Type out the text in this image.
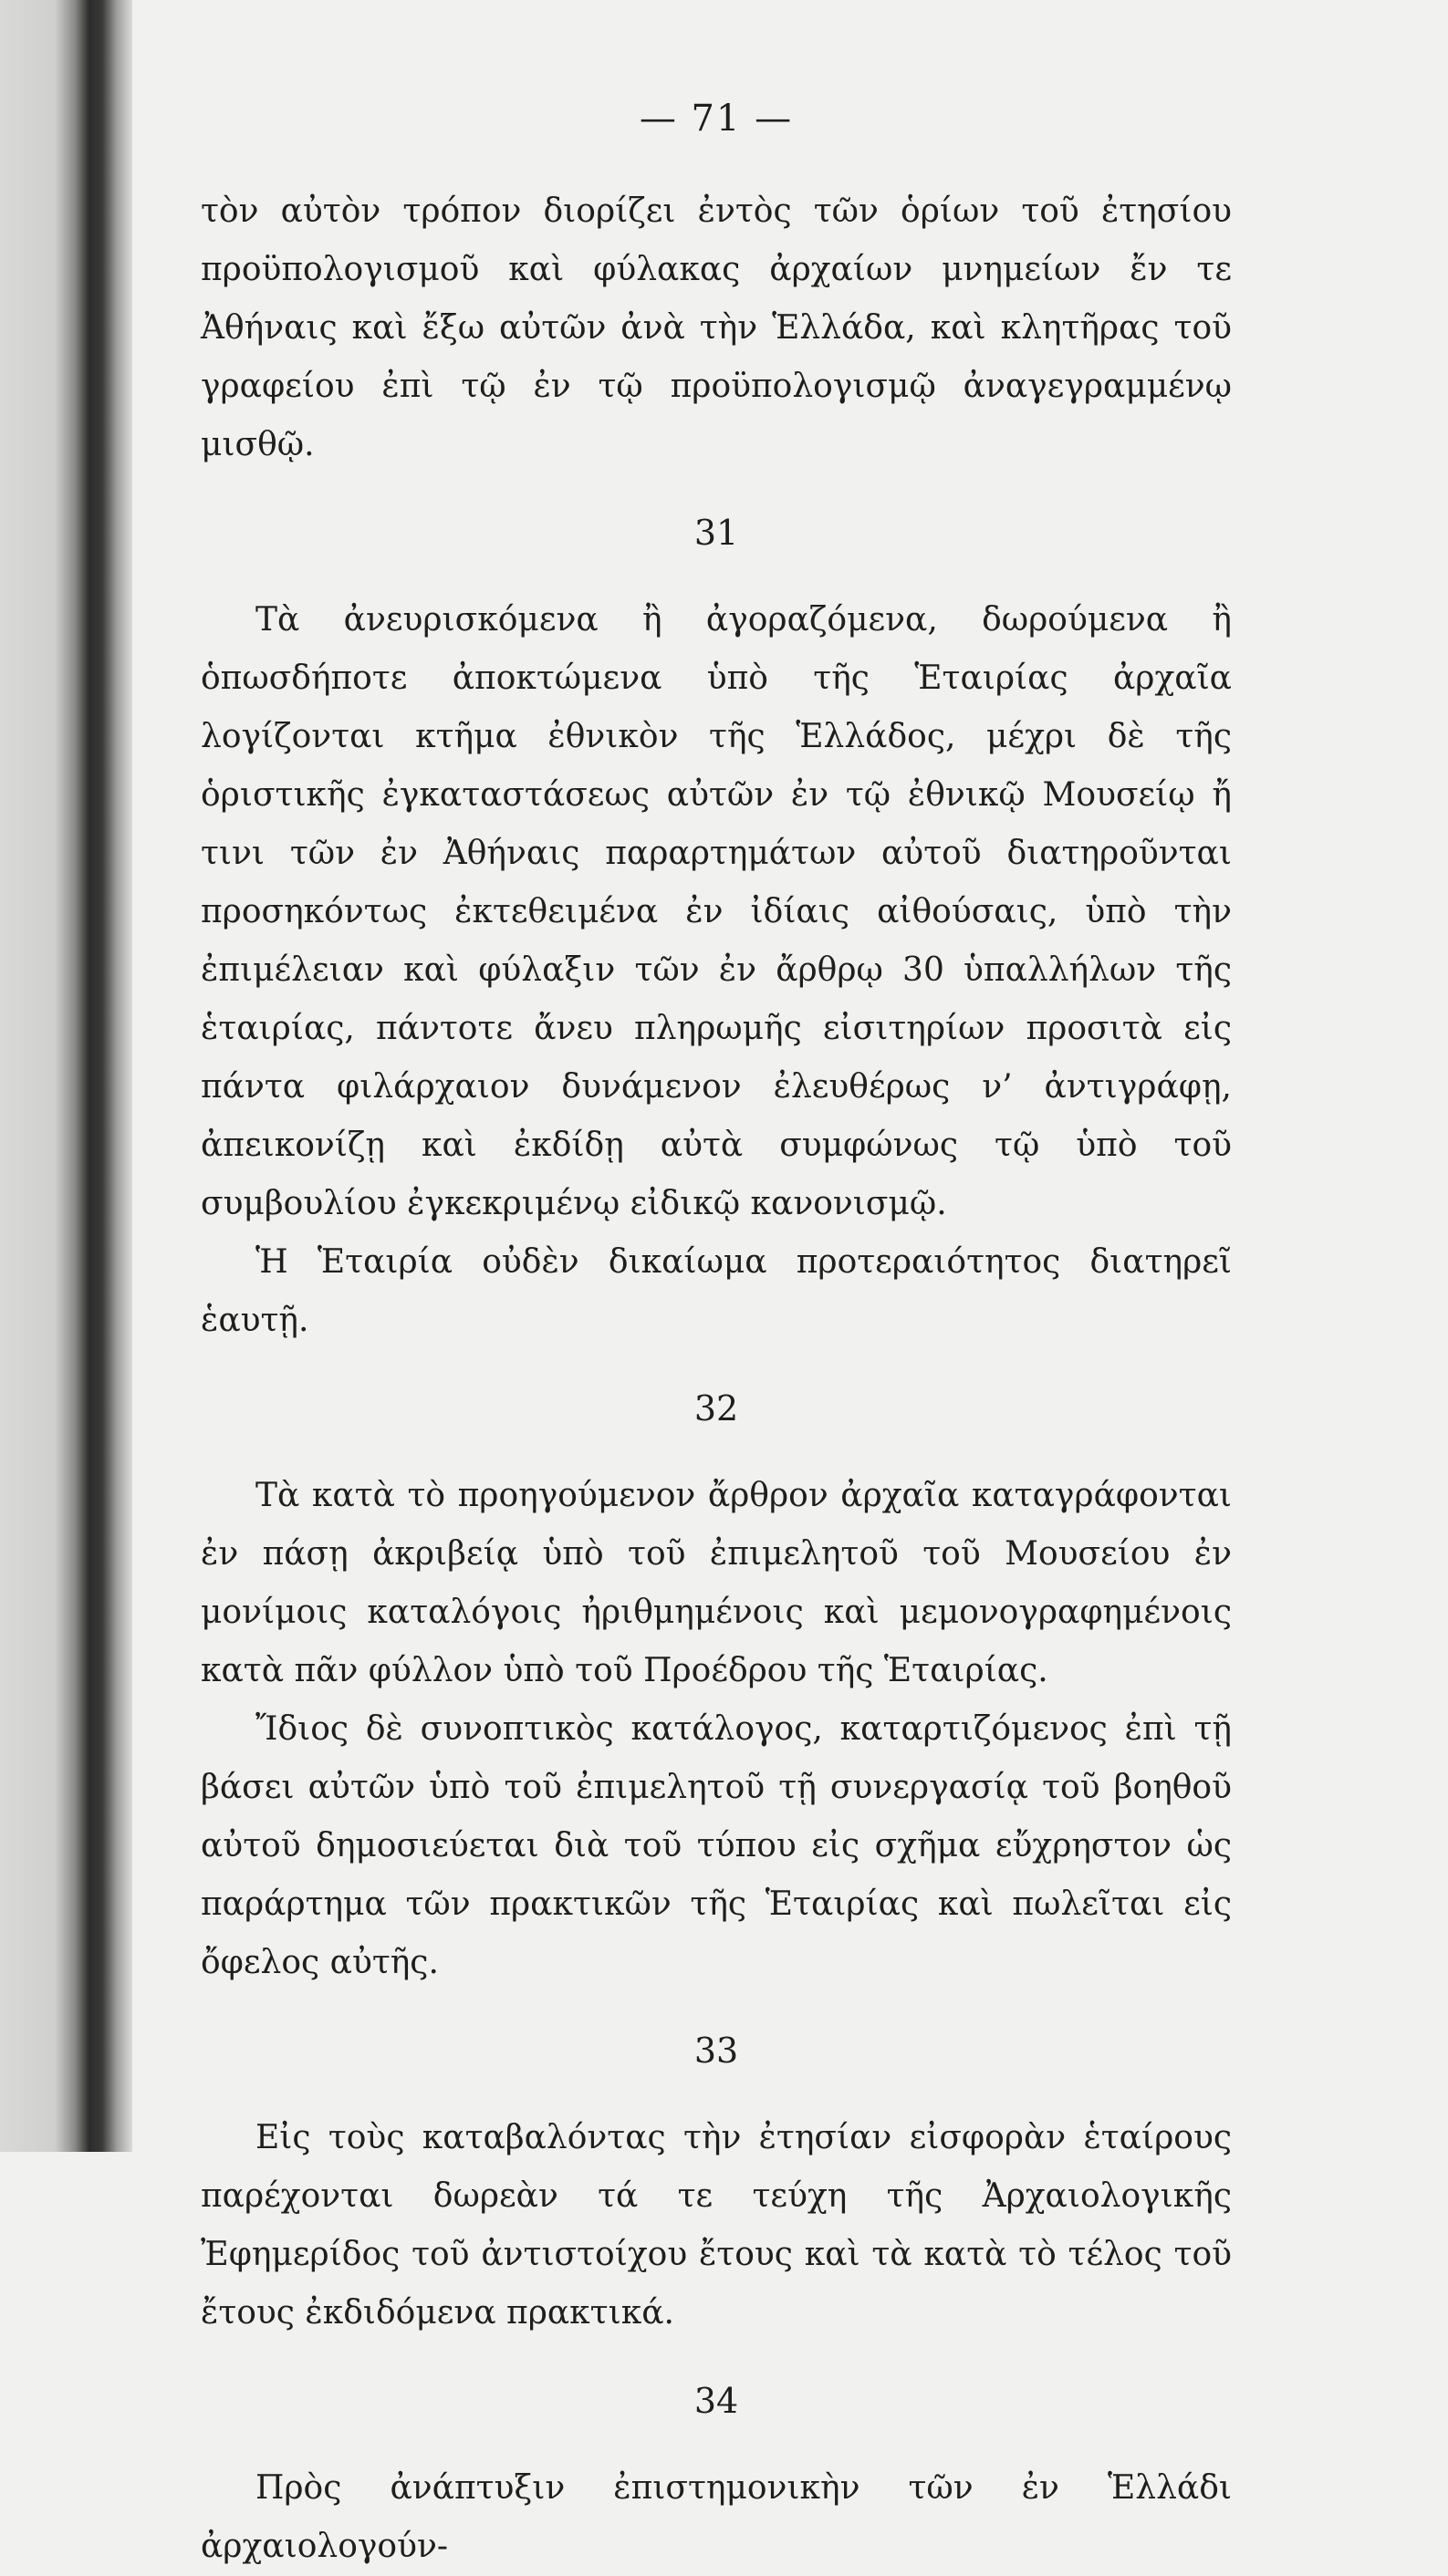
— 71 —

τὸν αὐτὸν τρόπον διορίζει ἐντὸς τῶν ὁρίων τοῦ ἐτησίου προϋπολογισμοῦ καὶ φύλακας ἀρχαίων μνημείων ἔν τε Ἀθήναις καὶ ἔξω αὐτῶν ἀνὰ τὴν Ἑλλάδα, καὶ κλητῆρας τοῦ γραφείου ἐπὶ τῷ ἐν τῷ προϋπολογισμῷ ἀναγεγραμμένῳ μισθῷ.

31

Τὰ ἀνευρισκόμενα ἢ ἀγοραζόμενα, δωρούμενα ἢ ὁπωσδήποτε ἀποκτώμενα ὑπὸ τῆς Ἑταιρίας ἀρχαῖα λογίζονται κτῆμα ἐθνικὸν τῆς Ἑλλάδος, μέχρι δὲ τῆς ὁριστικῆς ἐγκαταστάσεως αὐτῶν ἐν τῷ ἐθνικῷ Μουσείῳ ἤ τινι τῶν ἐν Ἀθήναις παραρτημάτων αὐτοῦ διατηροῦνται προσηκόντως ἐκτεθειμένα ἐν ἰδίαις αἰθούσαις, ὑπὸ τὴν ἐπιμέλειαν καὶ φύλαξιν τῶν ἐν ἄρθρῳ 30 ὑπαλλήλων τῆς ἑταιρίας, πάντοτε ἄνευ πληρωμῆς εἰσιτηρίων προσιτὰ εἰς πάντα φιλάρχαιον δυνάμενον ἐλευθέρως ν’ ἀντιγράφῃ, ἀπεικονίζῃ καὶ ἐκδίδῃ αὐτὰ συμφώνως τῷ ὑπὸ τοῦ συμβουλίου ἐγκεκριμένῳ εἰδικῷ κανονισμῷ.

Ἡ Ἑταιρία οὐδὲν δικαίωμα προτεραιότητος διατηρεῖ ἑαυτῇ.

32

Τὰ κατὰ τὸ προηγούμενον ἄρθρον ἀρχαῖα καταγράφονται ἐν πάσῃ ἀκριβείᾳ ὑπὸ τοῦ ἐπιμελητοῦ τοῦ Μουσείου ἐν μονίμοις καταλόγοις ἠριθμημένοις καὶ μεμονογραφημένοις κατὰ πᾶν φύλλον ὑπὸ τοῦ Προέδρου τῆς Ἑταιρίας.

Ἴδιος δὲ συνοπτικὸς κατάλογος, καταρτιζόμενος ἐπὶ τῇ βάσει αὐτῶν ὑπὸ τοῦ ἐπιμελητοῦ τῇ συνεργασίᾳ τοῦ βοηθοῦ αὐτοῦ δημοσιεύεται διὰ τοῦ τύπου εἰς σχῆμα εὔχρηστον ὡς παράρτημα τῶν πρακτικῶν τῆς Ἑταιρίας καὶ πωλεῖται εἰς ὄφελος αὐτῆς.

33

Εἰς τοὺς καταβαλόντας τὴν ἐτησίαν εἰσφορὰν ἑταίρους παρέχονται δωρεὰν τά τε τεύχη τῆς Ἀρχαιολογικῆς Ἐφημερίδος τοῦ ἀντιστοίχου ἔτους καὶ τὰ κατὰ τὸ τέλος τοῦ ἔτους ἐκδιδόμενα πρακτικά.

34

Πρὸς ἀνάπτυξιν ἐπιστημονικὴν τῶν ἐν Ἑλλάδι ἀρχαιολογούν-
